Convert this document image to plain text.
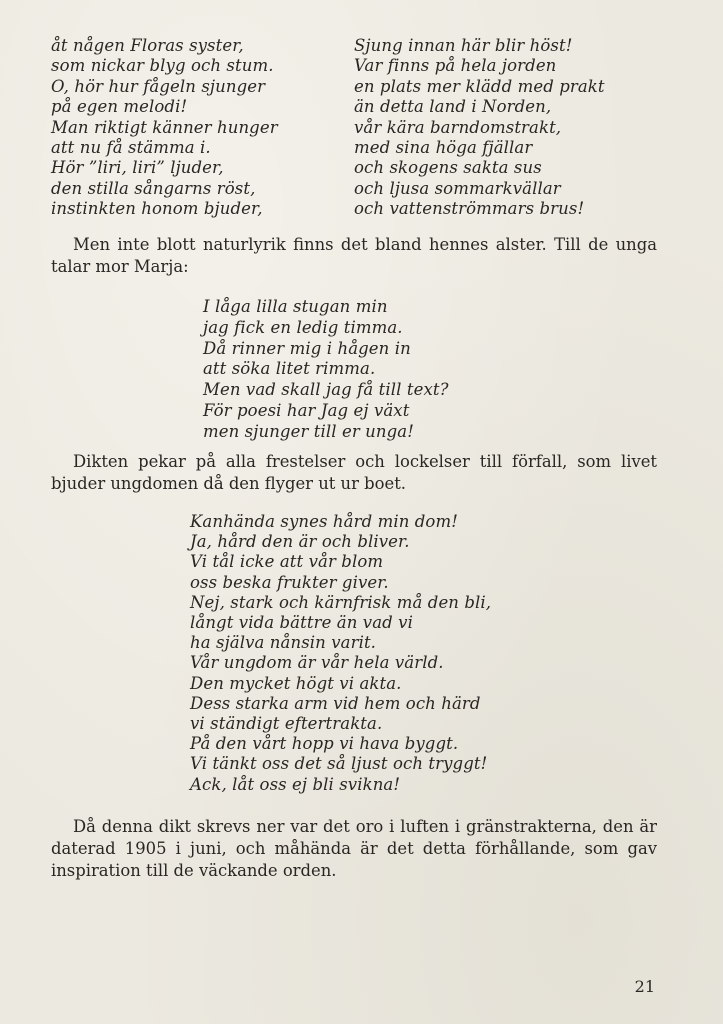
åt någen Floras syster,
som nickar blyg och stum.
O, hör hur fågeln sjunger
på egen melodi!
Man riktigt känner hunger
att nu få stämma i.
Hör ”liri, liri” ljuder,
den stilla sångarns röst,
instinkten honom bjuder,
Sjung innan här blir höst!
Var finns på hela jorden
en plats mer klädd med prakt
än detta land i Norden,
vår kära barndomstrakt,
med sina höga fjällar
och skogens sakta sus
och ljusa sommarkvällar
och vattenströmmars brus!

Men inte blott naturlyrik finns det bland hennes alster. Till de unga talar mor Marja:

I låga lilla stugan min
jag fick en ledig timma.
Då rinner mig i hågen in
att söka litet rimma.
Men vad skall jag få till text?
För poesi har Jag ej växt
men sjunger till er unga!

Dikten pekar på alla frestelser och lockelser till förfall, som livet bjuder ungdomen då den flyger ut ur boet.

Kanhända synes hård min dom!
Ja, hård den är och bliver.
Vi tål icke att vår blom
oss beska frukter giver.
Nej, stark och kärnfrisk må den bli,
långt vida bättre än vad vi
ha själva nånsin varit.
Vår ungdom är vår hela värld.
Den mycket högt vi akta.
Dess starka arm vid hem och härd
vi ständigt eftertrakta.
På den vårt hopp vi hava byggt.
Vi tänkt oss det så ljust och tryggt!
Ack, låt oss ej bli svikna!

Då denna dikt skrevs ner var det oro i luften i gränstrakterna, den är daterad 1905 i juni, och måhända är det detta förhållande, som gav inspiration till de väckande orden.

21
